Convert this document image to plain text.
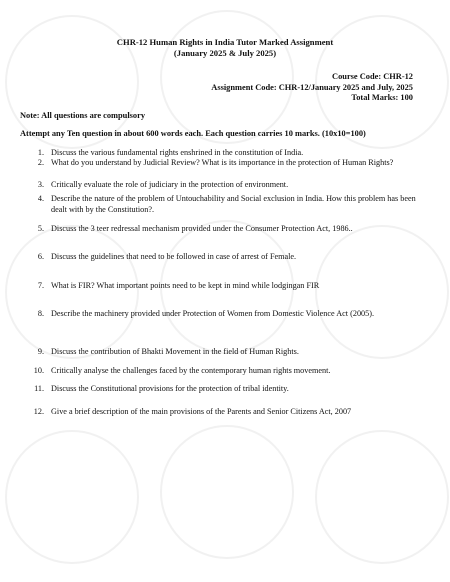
CHR-12 Human Rights in India Tutor Marked Assignment
(January 2025 & July 2025)
Course Code: CHR-12
Assignment Code: CHR-12/January 2025 and July, 2025
Total Marks: 100
Note: All questions are compulsory
Attempt any Ten question in about 600 words each. Each question carries 10 marks. (10x10=100)
1. Discuss the various fundamental rights enshrined in the constitution of India.
2. What do you understand by Judicial Review? What is its importance in the protection of Human Rights?
3. Critically evaluate the role of judiciary in the protection of environment.
4. Describe the nature of the problem of Untouchability and Social exclusion in India. How this problem has been dealt with by the Constitution?.
5. Discuss the 3 teer redressal mechanism provided under the Consumer Protection Act, 1986..
6. Discuss the guidelines that need to be followed in case of arrest of Female.
7. What is FIR? What important points need to be kept in mind while lodgingan FIR
8. Describe the machinery provided under Protection of Women from Domestic Violence Act (2005).
9. Discuss the contribution of Bhakti Movement in the field of Human Rights.
10. Critically analyse the challenges faced by the contemporary human rights movement.
11. Discuss the Constitutional provisions for the protection of tribal identity.
12. Give a brief description of the main provisions of the Parents and Senior Citizens Act, 2007
